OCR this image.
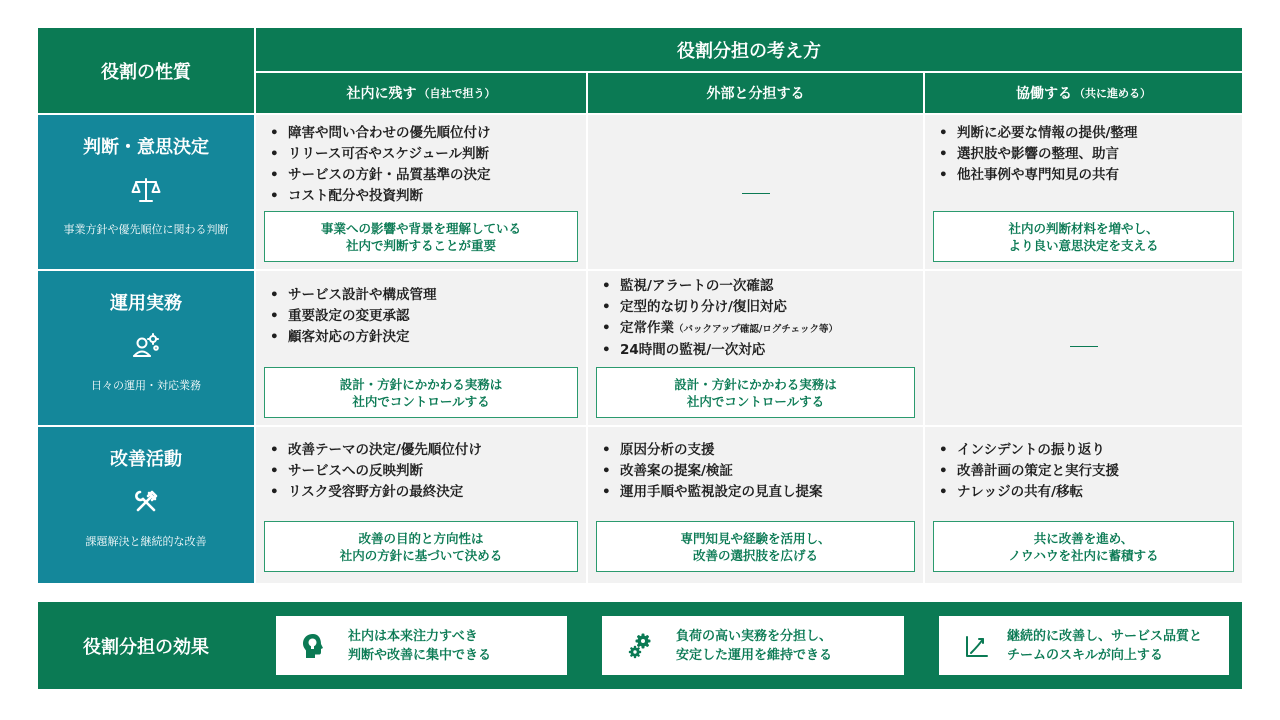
役割の性質
役割分担の考え方
社内に残す （自社で担う）	外部と分担する	協働する （共に進める）
判断・意思決定
事業方針や優先順位に関わる判断
• 障害や問い合わせの優先順位付け
• リリース可否やスケジュール判断
• サービスの方針・品質基準の決定
• コスト配分や投資判断
事業への影響や背景を理解している
社内で判断することが重要
• 判断に必要な情報の提供/整理
• 選択肢や影響の整理、助言
• 他社事例や専門知見の共有
社内の判断材料を増やし、
より良い意思決定を支える
運用実務
日々の運用・対応業務
• サービス設計や構成管理
• 重要設定の変更承認
• 顧客対応の方針決定
設計・方針にかかわる実務は
社内でコントロールする
• 監視/アラートの一次確認
• 定型的な切り分け/復旧対応
• 定常作業（バックアップ確認/ログチェック等）
• 24時間の監視/一次対応
設計・方針にかかわる実務は
社内でコントロールする
改善活動
課題解決と継続的な改善
• 改善テーマの決定/優先順位付け
• サービスへの反映判断
• リスク受容野方針の最終決定
改善の目的と方向性は
社内の方針に基づいて決める
• 原因分析の支援
• 改善案の提案/検証
• 運用手順や監視設定の見直し提案
専門知見や経験を活用し、
改善の選択肢を広げる
• インシデントの振り返り
• 改善計画の策定と実行支援
• ナレッジの共有/移転
共に改善を進め、
ノウハウを社内に蓄積する
役割分担の効果
社内は本来注力すべき
判断や改善に集中できる
負荷の高い実務を分担し、
安定した運用を維持できる
継続的に改善し、サービス品質と
チームのスキルが向上する
